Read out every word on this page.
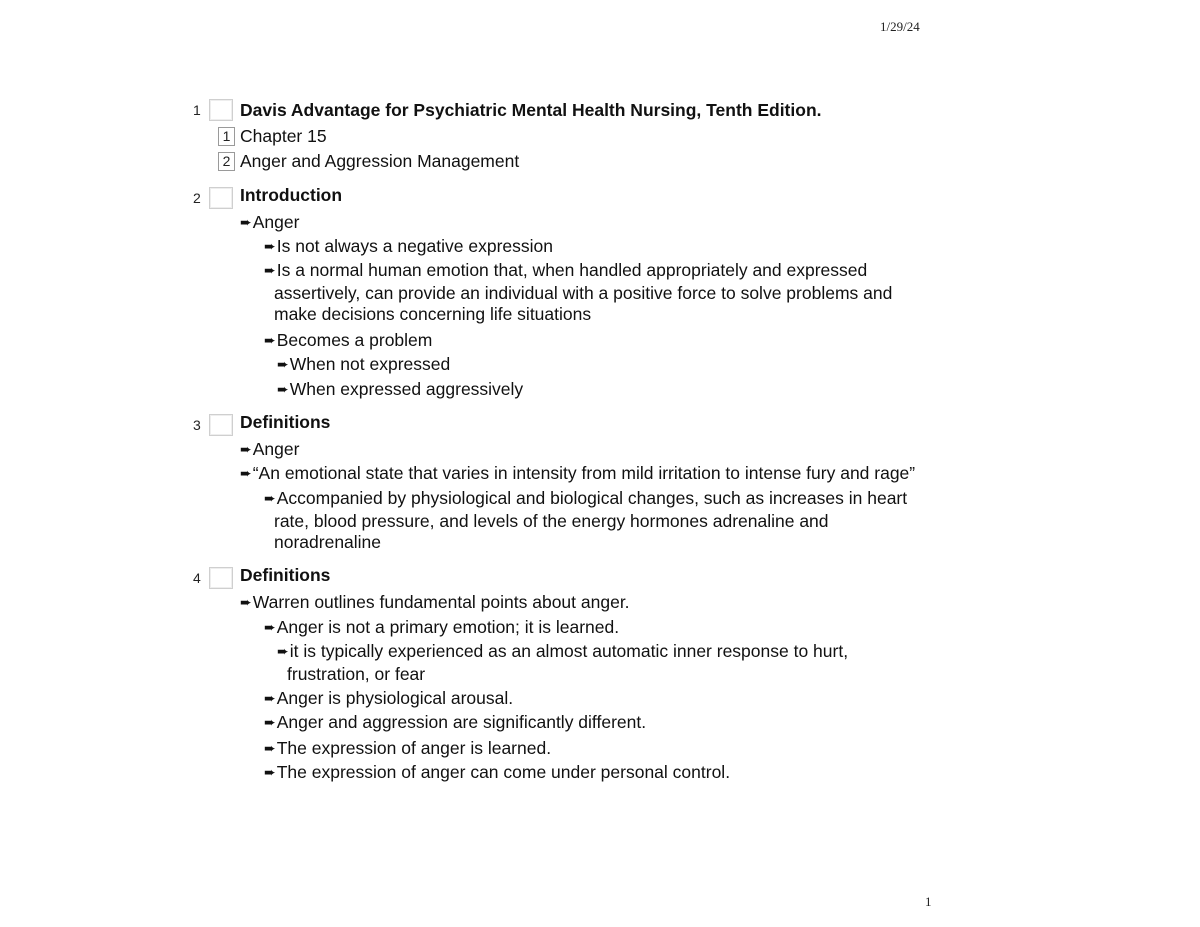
1/29/24
1	Davis Advantage for Psychiatric Mental Health Nursing, Tenth Edition.
1 Chapter 15
2 Anger and Aggression Management
2	Introduction
➨Anger
➨Is not always a negative expression
➨Is a normal human emotion that, when handled appropriately and expressed
assertively, can provide an individual with a positive force to solve problems and
make decisions concerning life situations
➨Becomes a problem
➨When not expressed
➨When expressed aggressively
3	Definitions
➨Anger
➨“An emotional state that varies in intensity from mild irritation to intense fury and rage”
➨Accompanied by physiological and biological changes, such as increases in heart
rate, blood pressure, and levels of the energy hormones adrenaline and
noradrenaline
4	Definitions
➨Warren outlines fundamental points about anger.
➨Anger is not a primary emotion; it is learned.
➨it is typically experienced as an almost automatic inner response to hurt,
frustration, or fear
➨Anger is physiological arousal.
➨Anger and aggression are significantly different.
➨The expression of anger is learned.
➨The expression of anger can come under personal control.
1
